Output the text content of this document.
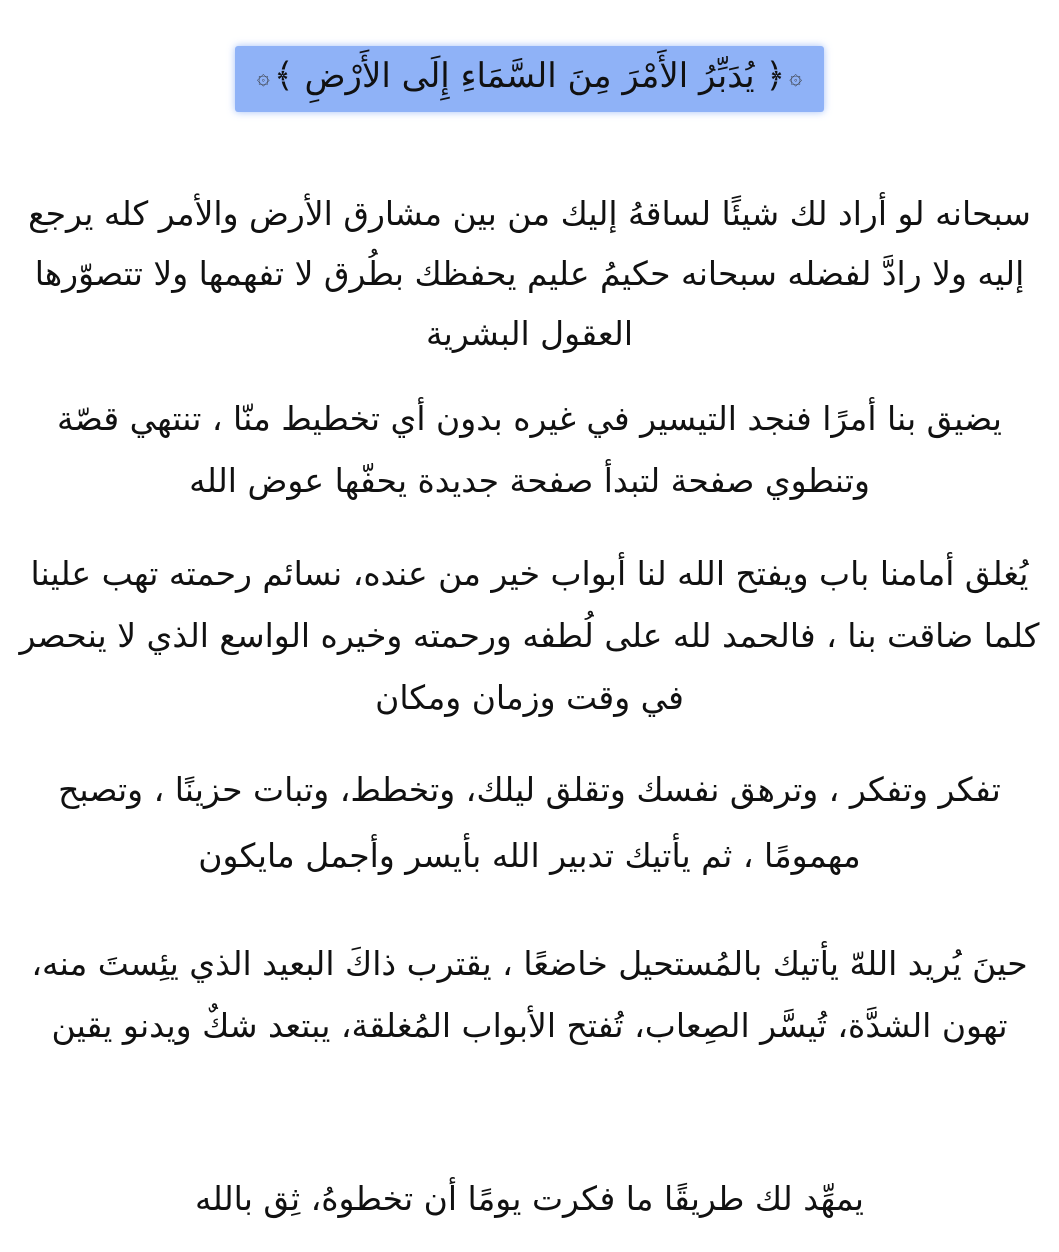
۞﴿ يُدَبِّرُ الأَمْرَ مِنَ السَّمَاءِ إِلَى الأَرْضِ ﴾۞
سبحانه لو أراد لك شيئًا لساقهُ إليك من بين مشارق الأرض والأمر كله يرجع إليه ولا رادَّ لفضله سبحانه حكيمُ عليم يحفظك بطُرق لا تفهمها ولا تتصوّرها العقول البشرية
يضيق بنا أمرًا فنجد التيسير في غيره بدون أي تخطيط منّا ، تنتهي قصّة وتنطوي صفحة لتبدأ صفحة جديدة يحفّها عوض الله
يُغلق أمامنا باب ويفتح الله لنا أبواب خير من عنده، نسائم رحمته تهب علينا كلما ضاقت بنا ، فالحمد لله على لُطفه ورحمته وخيره الواسع الذي لا ينحصر في وقت وزمان ومكان
تفكر وتفكر ، وترهق نفسك وتقلق ليلك، وتخطط، وتبات حزينًا ، وتصبح مهمومًا ، ثم يأتيك تدبير الله بأيسر وأجمل مايكون
حينَ يُريد اللهّ يأتيك بالمُستحيل خاضعًا ، يقترب ذاكَ البعيد الذي يئِستَ منه، تهون الشدَّة، تُيسَّر الصِعاب، تُفتح الأبواب المُغلقة، يبتعد شكٌ ويدنو يقين
يمهِّد لك طريقًا ما فكرت يومًا أن تخطوهُ، ثِق بالله
